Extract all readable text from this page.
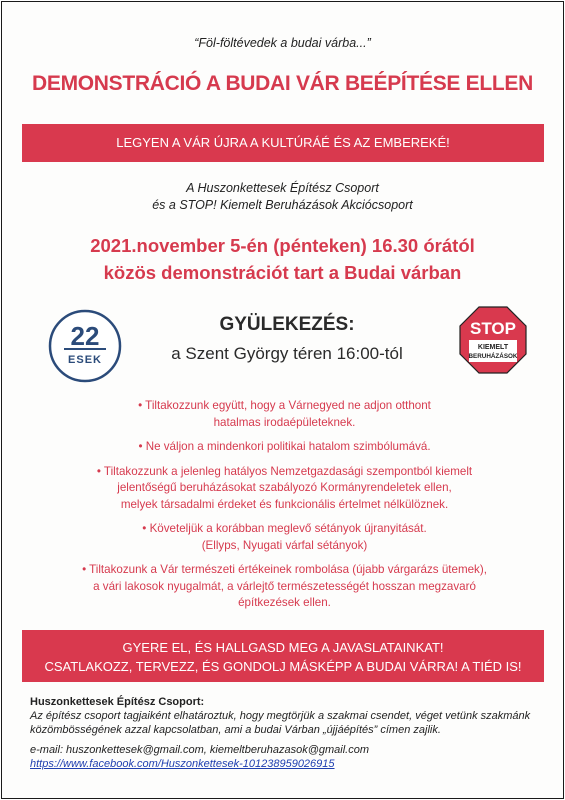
“Föl-föltévedek a budai várba...”
DEMONSTRÁCIÓ A BUDAI VÁR BEÉPÍTÉSE ELLEN
LEGYEN A VÁR ÚJRA A KULTÚRÁÉ ÉS AZ EMBEREKÉ!
A Huszonkettesek Építész Csoport
és a STOP! Kiemelt Beruházások Akciócsoport
2021.november 5-én (pénteken) 16.30 órától
közös demonstrációt tart a Budai várban
22
ESEK
GYÜLEKEZÉS:
a Szent György téren 16:00-tól
STOP
KIEMELT
BERUHÁZÁSOK
• Tiltakozzunk együtt, hogy a Várnegyed ne adjon otthont
hatalmas irodaépületeknek.
• Ne váljon a mindenkori politikai hatalom szimbólumává.
• Tiltakozzunk a jelenleg hatályos Nemzetgazdasági szempontból kiemelt
jelentőségű beruházásokat szabályozó Kormányrendeletek ellen,
melyek társadalmi érdeket és funkcionális értelmet nélkülöznek.
• Követeljük a korábban meglevő sétányok újranyitását.
(Ellyps, Nyugati várfal sétányok)
• Tiltakozunk a Vár természeti értékeinek rombolása (újabb várgarázs ütemek),
a vári lakosok nyugalmát, a várlejtő természetességét hosszan megzavaró
építkezések ellen.
GYERE EL, ÉS HALLGASD MEG A JAVASLATAINKAT!
CSATLAKOZZ, TERVEZZ, ÉS GONDOLJ MÁSKÉPP A BUDAI VÁRRA! A TIÉD IS!
Huszonkettesek Építész Csoport:
Az építész csoport tagjaiként elhatároztuk, hogy megtörjük a szakmai csendet, véget vetünk szakmánk közömbösségének azzal kapcsolatban, ami a budai Várban „újjáépítés” címen zajlik.
e-mail: huszonkettesek@gmail.com, kiemeltberuhazasok@gmail.com
https://www.facebook.com/Huszonkettesek-101238959026915
